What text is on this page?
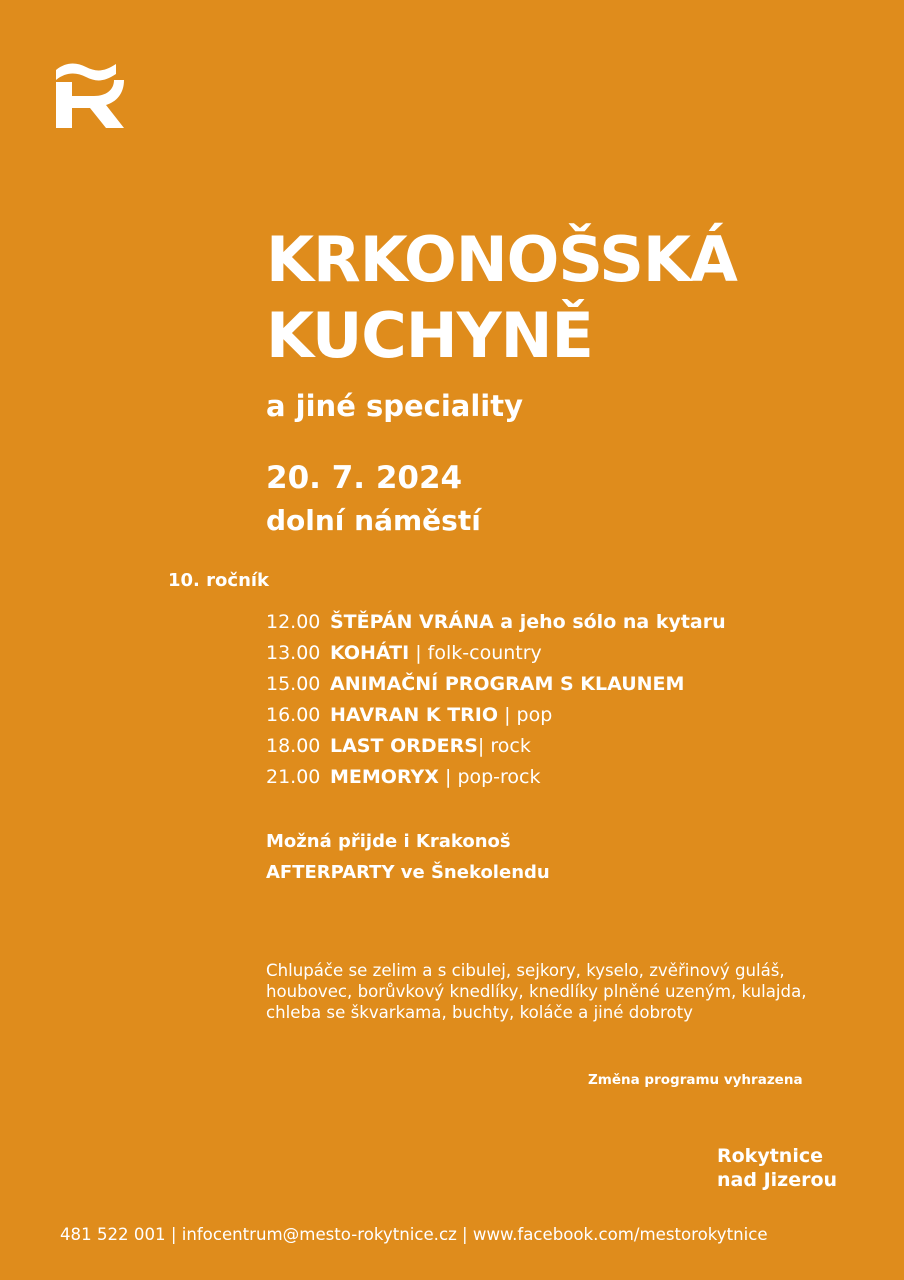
KRKONOŠSKÁ
KUCHYNĚ
a jiné speciality
20. 7. 2024
dolní náměstí
10. ročník
12.00 ŠTĚPÁN VRÁNA a jeho sólo na kytaru
13.00 KOHÁTI | folk-country
15.00 ANIMAČNÍ PROGRAM S KLAUNEM
16.00 HAVRAN K TRIO | pop
18.00 LAST ORDERS| rock
21.00 MEMORYX | pop-rock
Možná přijde i Krakonoš
AFTERPARTY ve Šnekolendu
Chlupáče se zelim a s cibulej, sejkory, kyselo, zvěřinový guláš, houbovec, borůvkový knedlíky, knedlíky plněné uzeným, kulajda, chleba se škvarkama, buchty, koláče a jiné dobroty
Změna programu vyhrazena
Rokytnice
nad Jizerou
481 522 001 | infocentrum@mesto-rokytnice.cz | www.facebook.com/mestorokytnice
